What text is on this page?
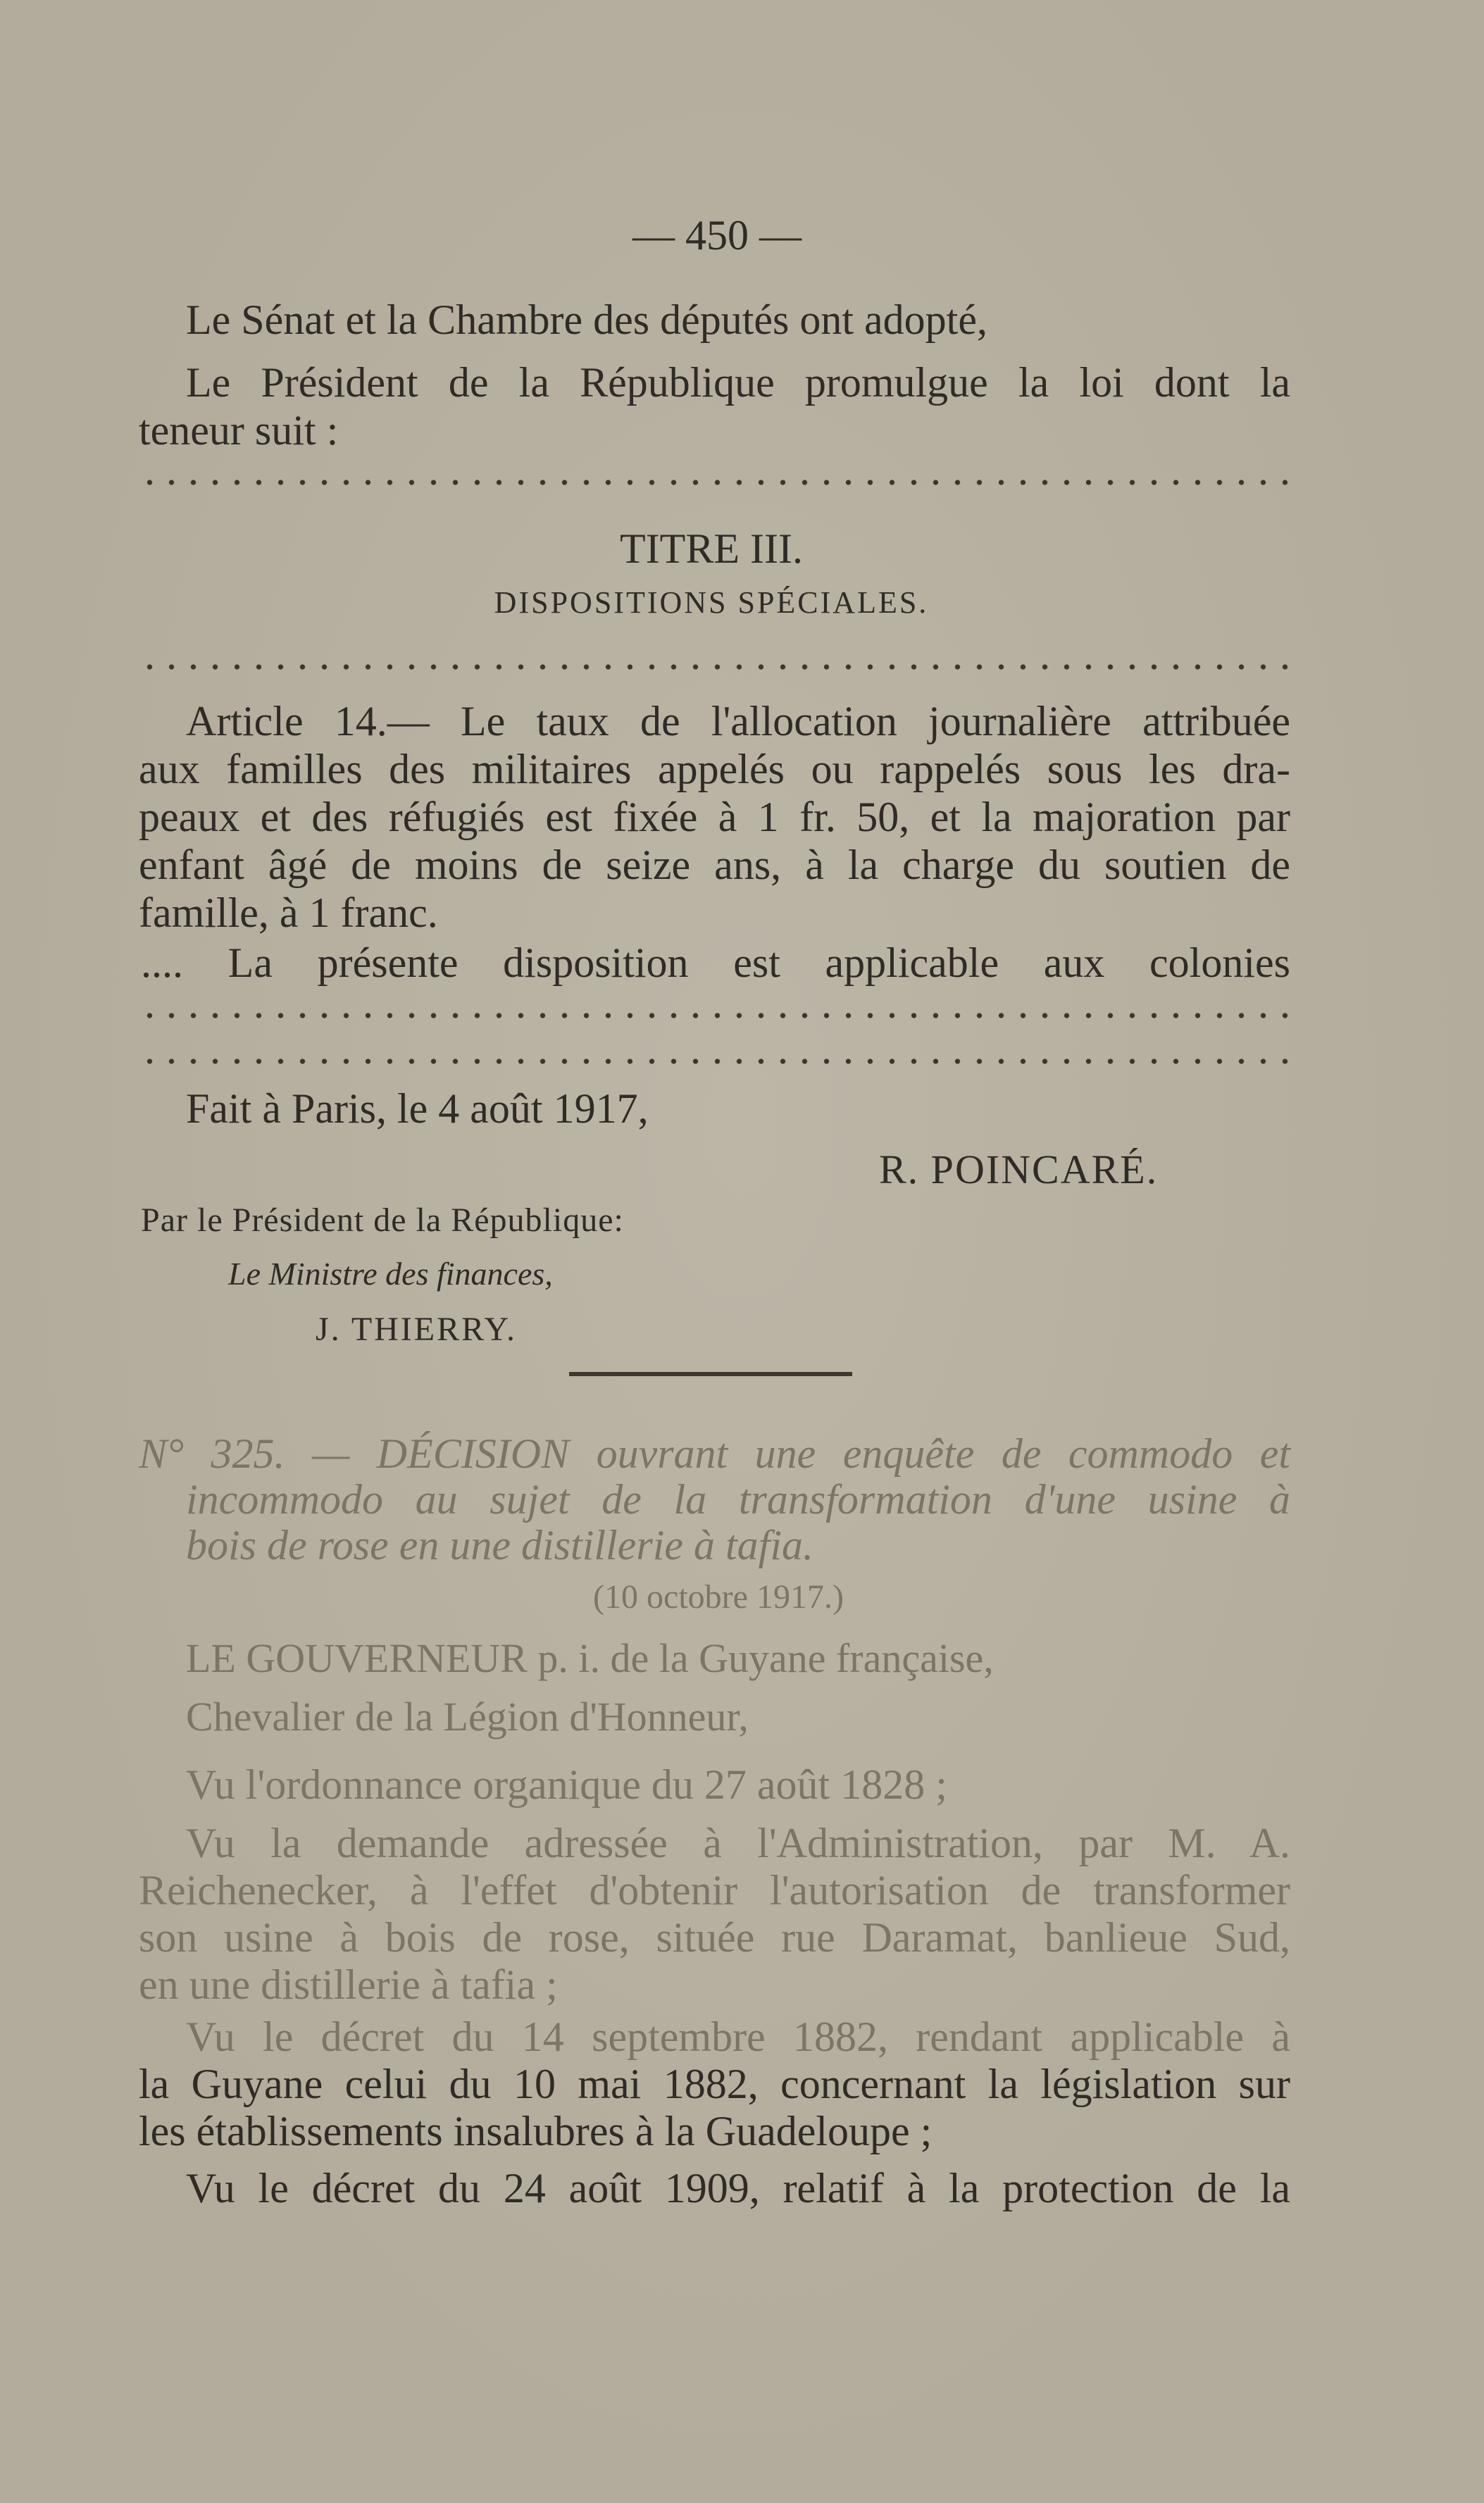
— 450 —
Le Sénat et la Chambre des députés ont adopté,
Le Président de la République promulgue la loi dont la
teneur suit :
TITRE III.
DISPOSITIONS SPÉCIALES.
Article 14.— Le taux de l'allocation journalière attribuée
aux familles des militaires appelés ou rappelés sous les dra-
peaux et des réfugiés est fixée à 1 fr. 50, et la majoration par
enfant âgé de moins de seize ans, à la charge du soutien de
famille, à 1 franc.
.... La présente disposition est applicable aux colonies
Fait à Paris, le 4 août 1917,
R. POINCARÉ.
Par le Président de la République:
Le Ministre des finances,
J. THIERRY.
N° 325. — DÉCISION ouvrant une enquête de commodo et
incommodo au sujet de la transformation d'une usine à
bois de rose en une distillerie à tafia.
(10 octobre 1917.)
LE GOUVERNEUR p. i. de la Guyane française,
Chevalier de la Légion d'Honneur,
Vu l'ordonnance organique du 27 août 1828 ;
Vu la demande adressée à l'Administration, par M. A.
Reichenecker, à l'effet d'obtenir l'autorisation de transformer
son usine à bois de rose, située rue Daramat, banlieue Sud,
en une distillerie à tafia ;
Vu le décret du 14 septembre 1882, rendant applicable à
la Guyane celui du 10 mai 1882, concernant la législation sur
les établissements insalubres à la Guadeloupe ;
Vu le décret du 24 août 1909, relatif à la protection de la
